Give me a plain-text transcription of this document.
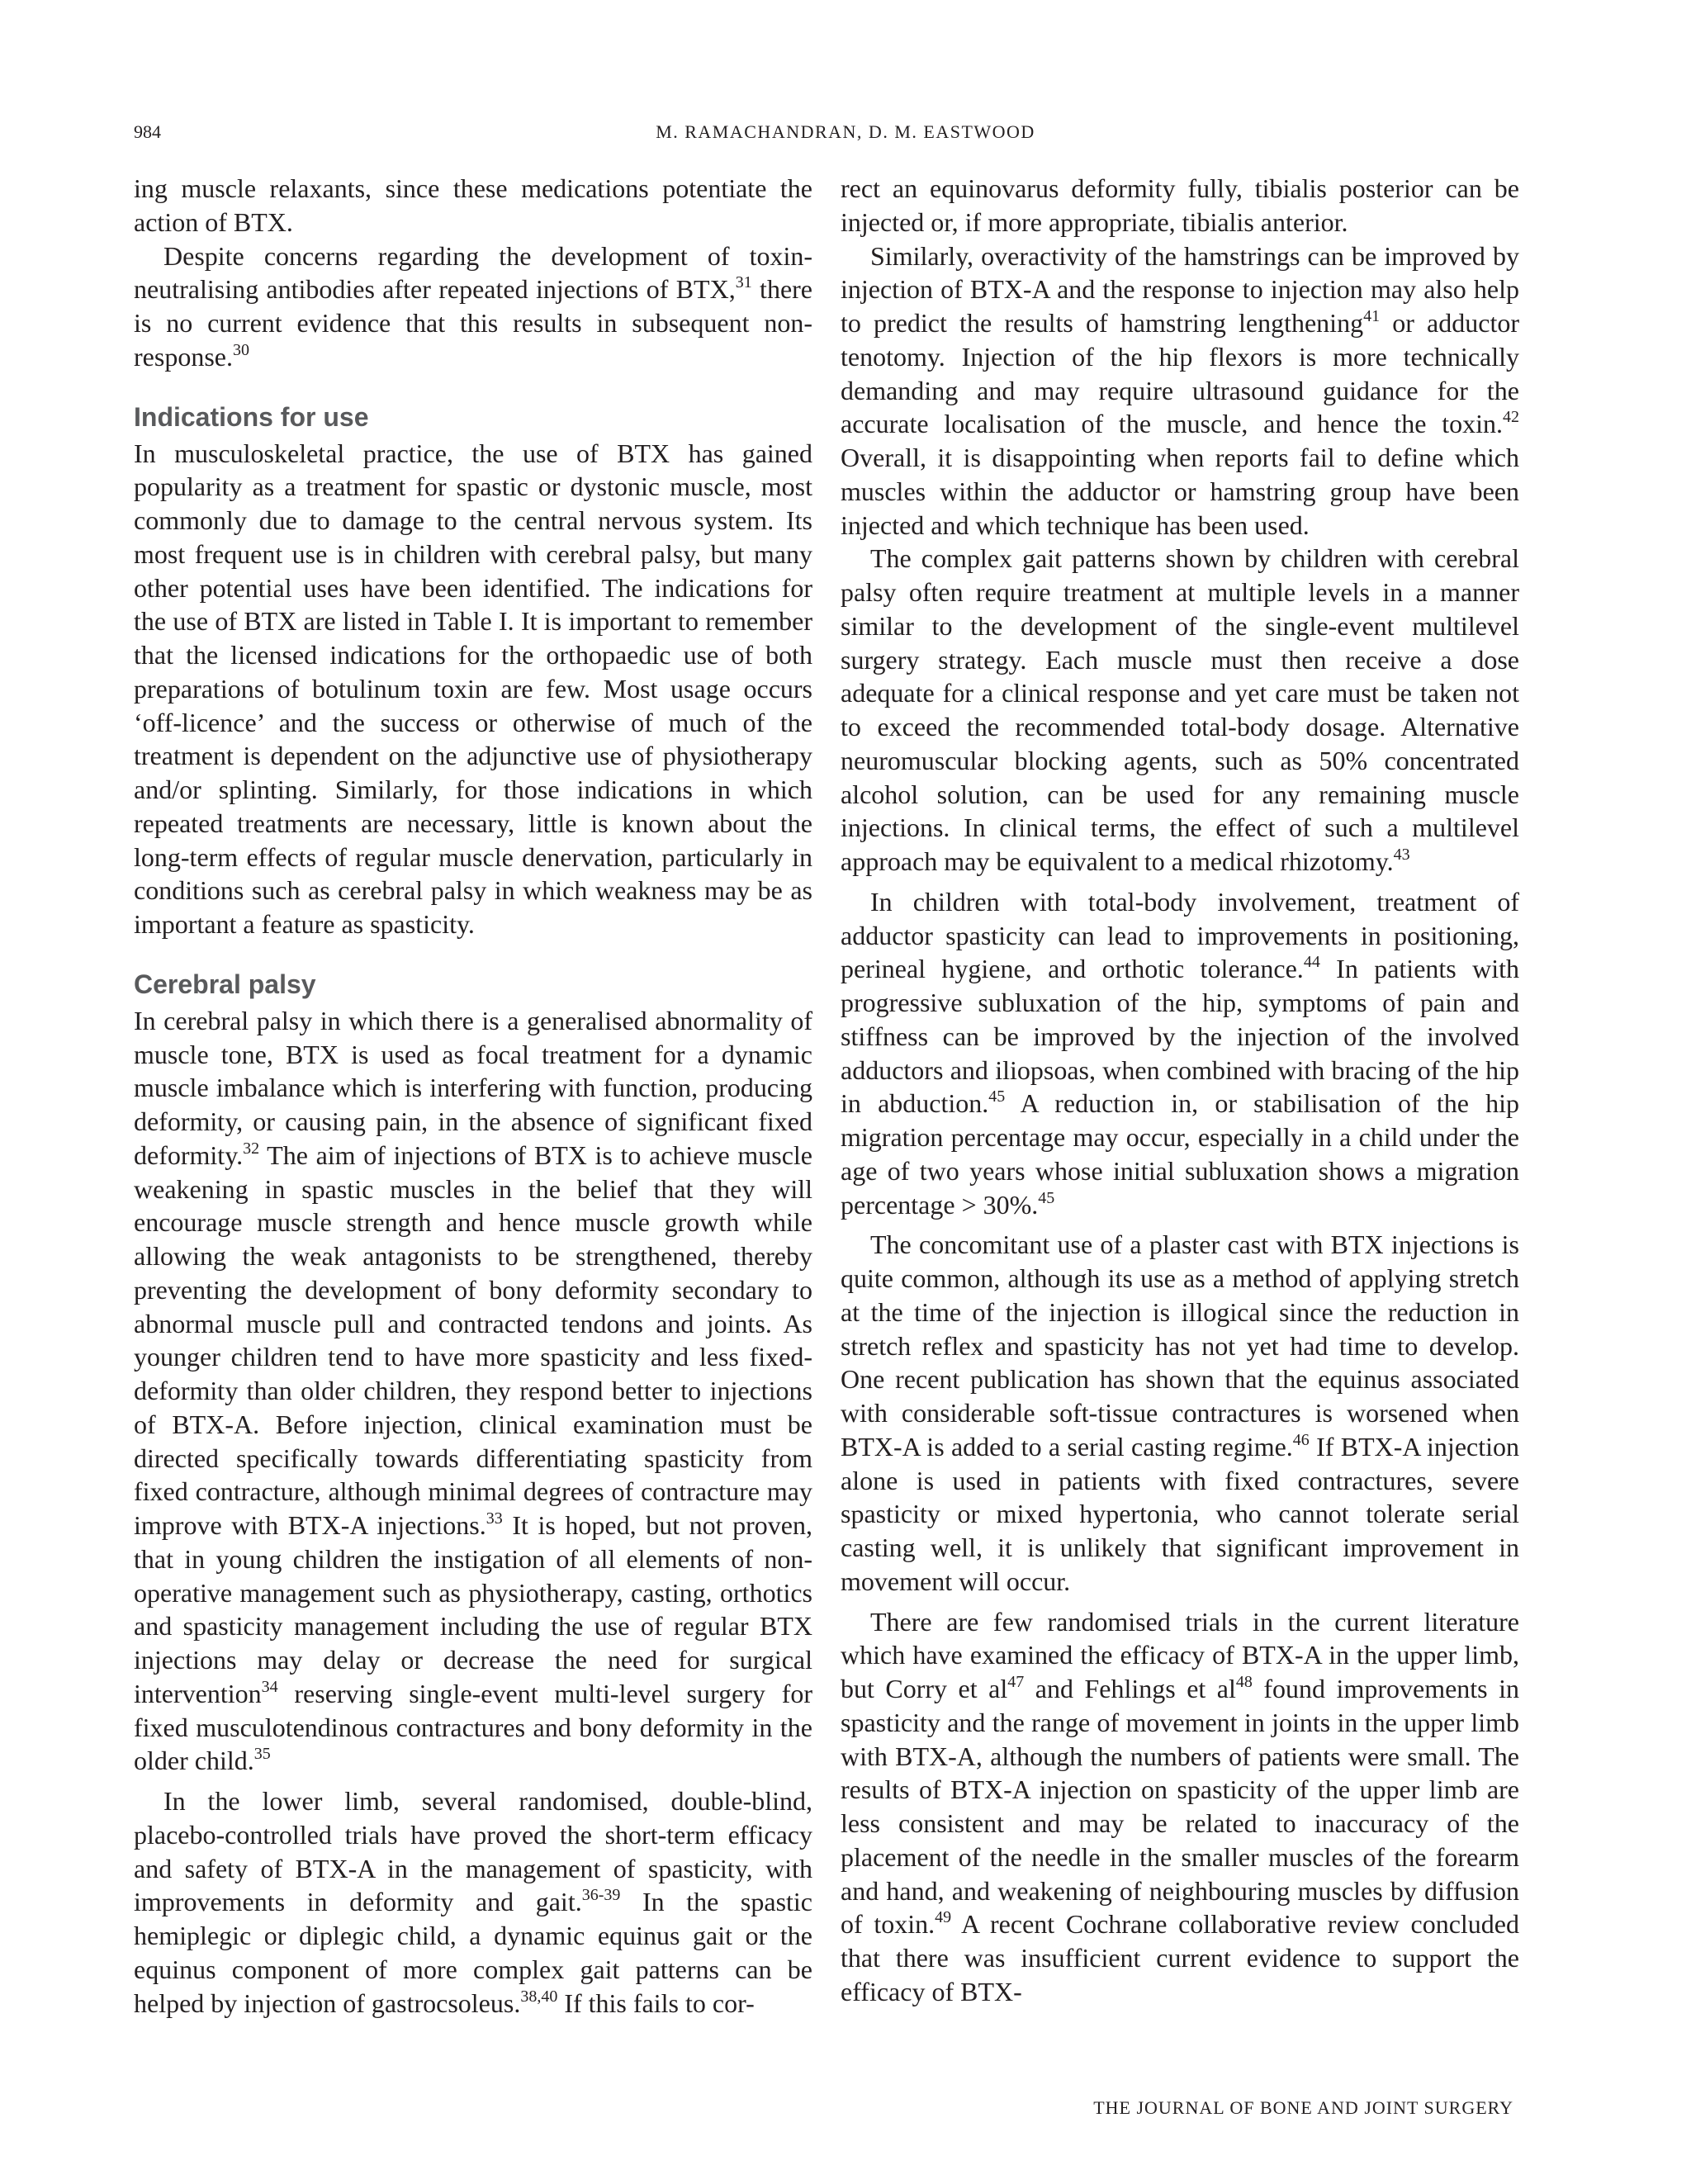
984	M. RAMACHANDRAN, D. M. EASTWOOD

ing muscle relaxants, since these medications potentiate the action of BTX.

Despite concerns regarding the development of toxin-neutralising antibodies after repeated injections of BTX,$^{31}$ there is no current evidence that this results in subsequent non-response.$^{30}$

Indications for use

In musculoskeletal practice, the use of BTX has gained popularity as a treatment for spastic or dystonic muscle, most commonly due to damage to the central nervous system. Its most frequent use is in children with cerebral palsy, but many other potential uses have been identified. The indications for the use of BTX are listed in Table I. It is important to remember that the licensed indications for the orthopaedic use of both preparations of botulinum toxin are few. Most usage occurs ‘off-licence’ and the success or otherwise of much of the treatment is dependent on the adjunctive use of physiotherapy and/or splinting. Similarly, for those indications in which repeated treatments are necessary, little is known about the long-term effects of regular muscle denervation, particularly in conditions such as cerebral palsy in which weakness may be as important a feature as spasticity.

Cerebral palsy

In cerebral palsy in which there is a generalised abnormality of muscle tone, BTX is used as focal treatment for a dynamic muscle imbalance which is interfering with function, producing deformity, or causing pain, in the absence of significant fixed deformity.$^{32}$ The aim of injections of BTX is to achieve muscle weakening in spastic muscles in the belief that they will encourage muscle strength and hence muscle growth while allowing the weak antagonists to be strengthened, thereby preventing the development of bony deformity secondary to abnormal muscle pull and contracted tendons and joints. As younger children tend to have more spasticity and less fixed-deformity than older children, they respond better to injections of BTX-A. Before injection, clinical examination must be directed specifically towards differentiating spasticity from fixed contracture, although minimal degrees of contracture may improve with BTX-A injections.$^{33}$ It is hoped, but not proven, that in young children the instigation of all elements of non-operative management such as physiotherapy, casting, orthotics and spasticity management including the use of regular BTX injections may delay or decrease the need for surgical intervention$^{34}$ reserving single-event multi-level surgery for fixed musculotendinous contractures and bony deformity in the older child.$^{35}$

In the lower limb, several randomised, double-blind, placebo-controlled trials have proved the short-term efficacy and safety of BTX-A in the management of spasticity, with improvements in deformity and gait.$^{36-39}$ In the spastic hemiplegic or diplegic child, a dynamic equinus gait or the equinus component of more complex gait patterns can be helped by injection of gastrocsoleus.$^{38,40}$ If this fails to cor-

rect an equinovarus deformity fully, tibialis posterior can be injected or, if more appropriate, tibialis anterior.

Similarly, overactivity of the hamstrings can be improved by injection of BTX-A and the response to injection may also help to predict the results of hamstring lengthening$^{41}$ or adductor tenotomy. Injection of the hip flexors is more technically demanding and may require ultrasound guidance for the accurate localisation of the muscle, and hence the toxin.$^{42}$ Overall, it is disappointing when reports fail to define which muscles within the adductor or hamstring group have been injected and which technique has been used.

The complex gait patterns shown by children with cerebral palsy often require treatment at multiple levels in a manner similar to the development of the single-event multilevel surgery strategy. Each muscle must then receive a dose adequate for a clinical response and yet care must be taken not to exceed the recommended total-body dosage. Alternative neuromuscular blocking agents, such as 50% concentrated alcohol solution, can be used for any remaining muscle injections. In clinical terms, the effect of such a multilevel approach may be equivalent to a medical rhizotomy.$^{43}$

In children with total-body involvement, treatment of adductor spasticity can lead to improvements in positioning, perineal hygiene, and orthotic tolerance.$^{44}$ In patients with progressive subluxation of the hip, symptoms of pain and stiffness can be improved by the injection of the involved adductors and iliopsoas, when combined with bracing of the hip in abduction.$^{45}$ A reduction in, or stabilisation of the hip migration percentage may occur, especially in a child under the age of two years whose initial subluxation shows a migration percentage > 30%.$^{45}$

The concomitant use of a plaster cast with BTX injections is quite common, although its use as a method of applying stretch at the time of the injection is illogical since the reduction in stretch reflex and spasticity has not yet had time to develop. One recent publication has shown that the equinus associated with considerable soft-tissue contractures is worsened when BTX-A is added to a serial casting regime.$^{46}$ If BTX-A injection alone is used in patients with fixed contractures, severe spasticity or mixed hypertonia, who cannot tolerate serial casting well, it is unlikely that significant improvement in movement will occur.

There are few randomised trials in the current literature which have examined the efficacy of BTX-A in the upper limb, but Corry et $al^{47}$ and Fehlings et $al^{48}$ found improvements in spasticity and the range of movement in joints in the upper limb with BTX-A, although the numbers of patients were small. The results of BTX-A injection on spasticity of the upper limb are less consistent and may be related to inaccuracy of the placement of the needle in the smaller muscles of the forearm and hand, and weakening of neighbouring muscles by diffusion of toxin.$^{49}$ A recent Cochrane collaborative review concluded that there was insufficient current evidence to support the efficacy of BTX-

THE JOURNAL OF BONE AND JOINT SURGERY
